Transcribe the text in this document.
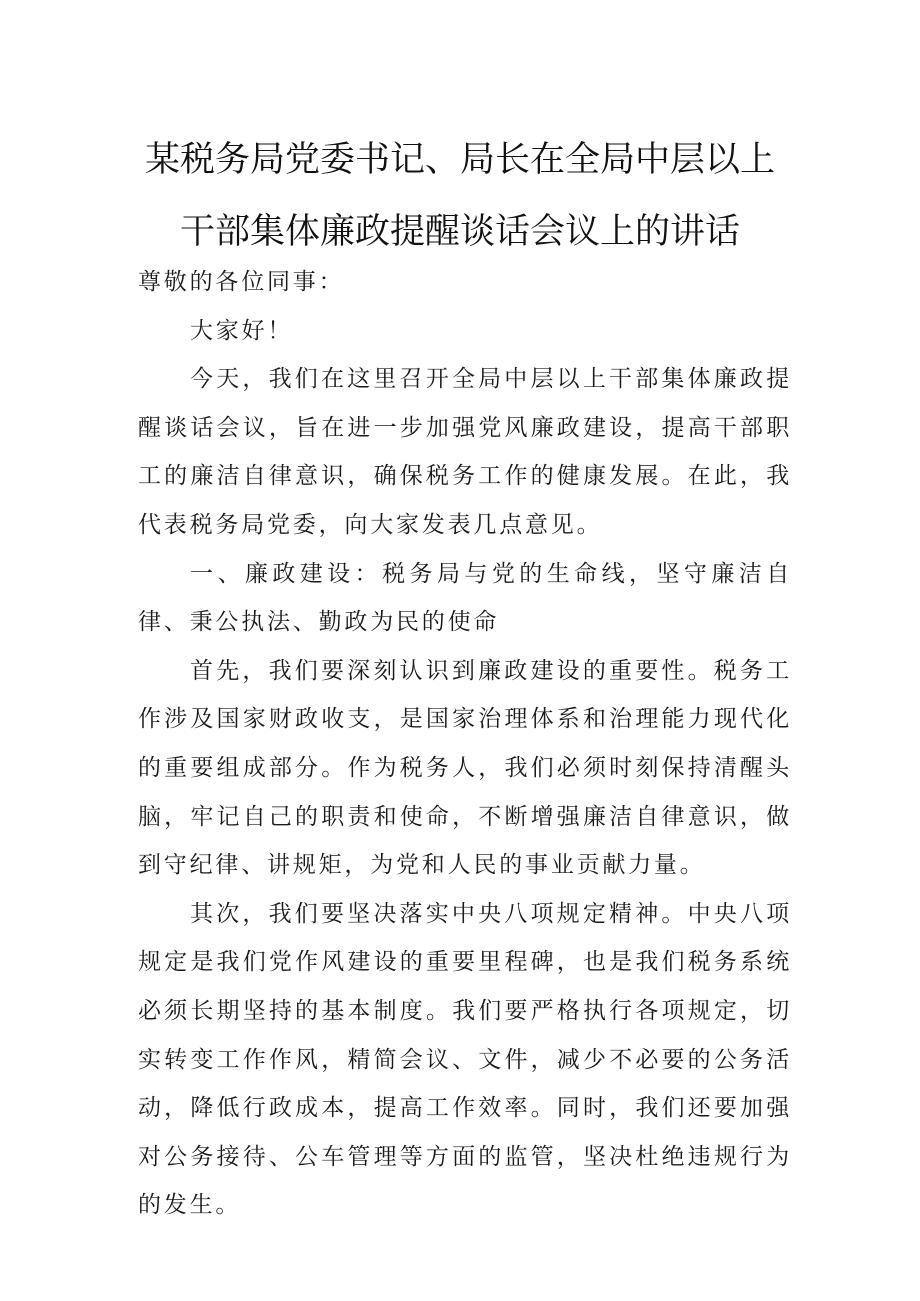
某税务局党委书记、局长在全局中层以上
干部集体廉政提醒谈话会议上的讲话

尊敬的各位同事：

大家好！

今天，我们在这里召开全局中层以上干部集体廉政提醒谈话会议，旨在进一步加强党风廉政建设，提高干部职工的廉洁自律意识，确保税务工作的健康发展。在此，我代表税务局党委，向大家发表几点意见。

一、廉政建设：税务局与党的生命线，坚守廉洁自律、秉公执法、勤政为民的使命

首先，我们要深刻认识到廉政建设的重要性。税务工作涉及国家财政收支，是国家治理体系和治理能力现代化的重要组成部分。作为税务人，我们必须时刻保持清醒头脑，牢记自己的职责和使命，不断增强廉洁自律意识，做到守纪律、讲规矩，为党和人民的事业贡献力量。

其次，我们要坚决落实中央八项规定精神。中央八项规定是我们党作风建设的重要里程碑，也是我们税务系统必须长期坚持的基本制度。我们要严格执行各项规定，切实转变工作作风，精简会议、文件，减少不必要的公务活动，降低行政成本，提高工作效率。同时，我们还要加强对公务接待、公车管理等方面的监管，坚决杜绝违规行为的发生。
